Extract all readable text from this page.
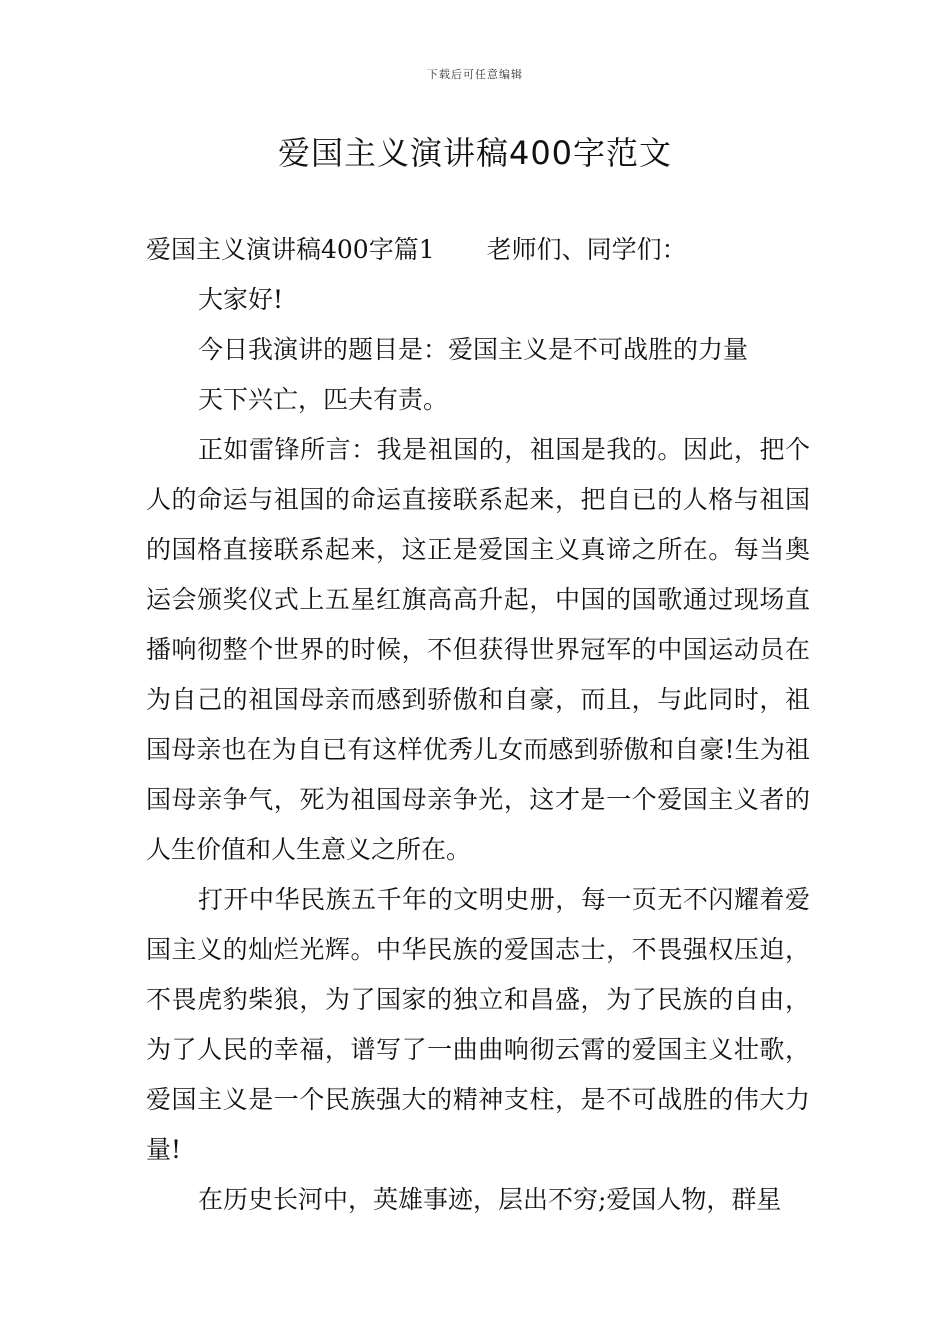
下载后可任意编辑
爱国主义演讲稿400字范文

爱国主义演讲稿400字篇1 老师们、同学们：

大家好!

今日我演讲的题目是：爱国主义是不可战胜的力量

天下兴亡，匹夫有责。

正如雷锋所言：我是祖国的，祖国是我的。因此，把个人的命运与祖国的命运直接联系起来，把自已的人格与祖国的国格直接联系起来，这正是爱国主义真谛之所在。每当奥运会颁奖仪式上五星红旗高高升起，中国的国歌通过现场直播响彻整个世界的时候，不但获得世界冠军的中国运动员在为自己的祖国母亲而感到骄傲和自豪，而且，与此同时，祖国母亲也在为自已有这样优秀儿女而感到骄傲和自豪!生为祖国母亲争气，死为祖国母亲争光，这才是一个爱国主义者的人生价值和人生意义之所在。

打开中华民族五千年的文明史册，每一页无不闪耀着爱国主义的灿烂光辉。中华民族的爱国志士，不畏强权压迫，不畏虎豹柴狼，为了国家的独立和昌盛，为了民族的自由，为了人民的幸福，谱写了一曲曲响彻云霄的爱国主义壮歌，爱国主义是一个民族强大的精神支柱，是不可战胜的伟大力量!

在历史长河中，英雄事迹，层出不穷;爱国人物，群星
